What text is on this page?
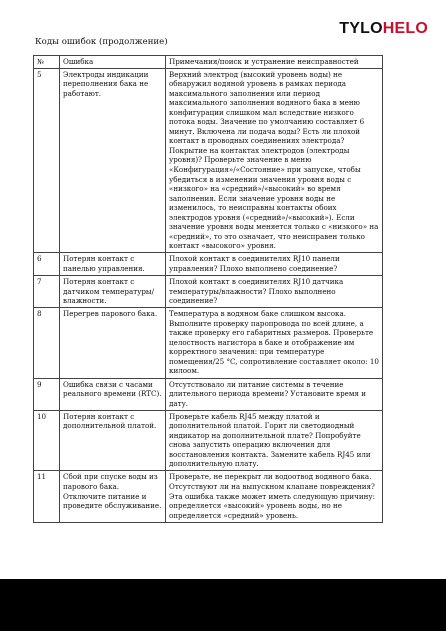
TYLOHELO
Коды ошибок (продолжение)
№	Ошибка	Примечания/поиск и устранение неисправностей
5	Электроды индикации переполнения бака не работают.	Верхний электрод (высокий уровень воды) не обнаружил водяной уровень в рамках периода максимального заполнения или период максимального заполнения водяного бака в меню конфигурации слишком мал вследствие низкого потока воды. Значение по умолчанию составляет 6 минут. Включена ли подача воды? Есть ли плохой контакт в проводных соединениях электрода? Покрытие на контактах электродов (электроды уровня)? Проверьте значение в меню «Конфигурация»/«Состояние» при запуске, чтобы убедиться в изменении значения уровня воды с «низкого» на «средний»/«высокий» во время заполнения. Если значение уровня воды не изменилось, то неисправны контакты обоих электродов уровня («средний»/«высокий»). Если значение уровня воды меняется только с «низкого» на «средний», то это означает, что неисправен только контакт «высокого» уровня.
6	Потерян контакт с панелью управления.	Плохой контакт в соединителях RJ10 панели управления? Плохо выполнено соединение?
7	Потерян контакт с датчиком температуры/влажности.	Плохой контакт в соединителях RJ10 датчика температуры/влажности? Плохо выполнено соединение?
8	Перегрев парового бака.	Температура в водяном баке слишком высока. Выполните проверку паропровода по всей длине, а также проверку его габаритных размеров. Проверьте целостность нагистора в баке и отображение им корректного значения: при температуре помещения/25 °C, сопротивление составляет около: 10 килоом.
9	Ошибка связи с часами реального времени (RTC).	Отсутствовало ли питание системы в течение длительного периода времени? Установите время и дату.
10	Потерян контакт с дополнительной платой.	Проверьте кабель RJ45 между платой и дополнительной платой. Горит ли светодиодный индикатор на дополнительной плате? Попробуйте снова запустить операцию включения для восстановления контакта. Замените кабель RJ45 или дополнительную плату.
11	Сбой при спуске воды из парового бака. Отключите питание и проведите обслуживание.	Проверьте, не перекрыт ли водоотвод водяного бака. Отсутствуют ли на выпускном клапане повреждения? Эта ошибка также может иметь следующую причину: определяется «высокий» уровень воды, но не определяется «средний» уровень.
